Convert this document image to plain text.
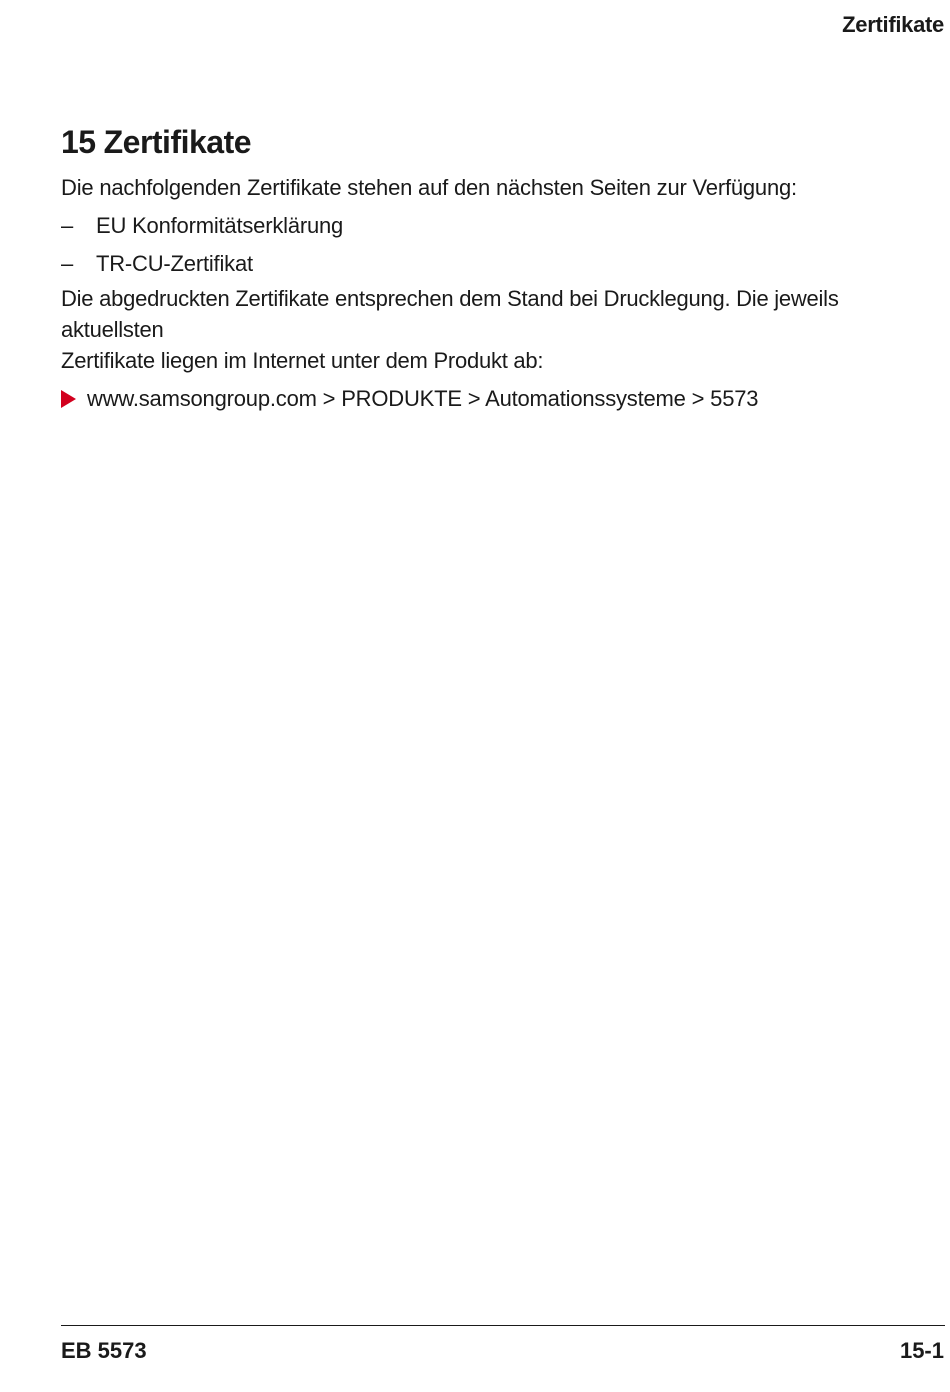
Zertifikate
15 Zertifikate

Die nachfolgenden Zertifikate stehen auf den nächsten Seiten zur Verfügung:

–	EU Konformitätserklärung
–	TR-CU-Zertifikat

Die abgedruckten Zertifikate entsprechen dem Stand bei Drucklegung. Die jeweils aktuellsten
Zertifikate liegen im Internet unter dem Produkt ab:

www.samsongroup.com > PRODUKTE > Automationssysteme > 5573
EB 5573	15-1
